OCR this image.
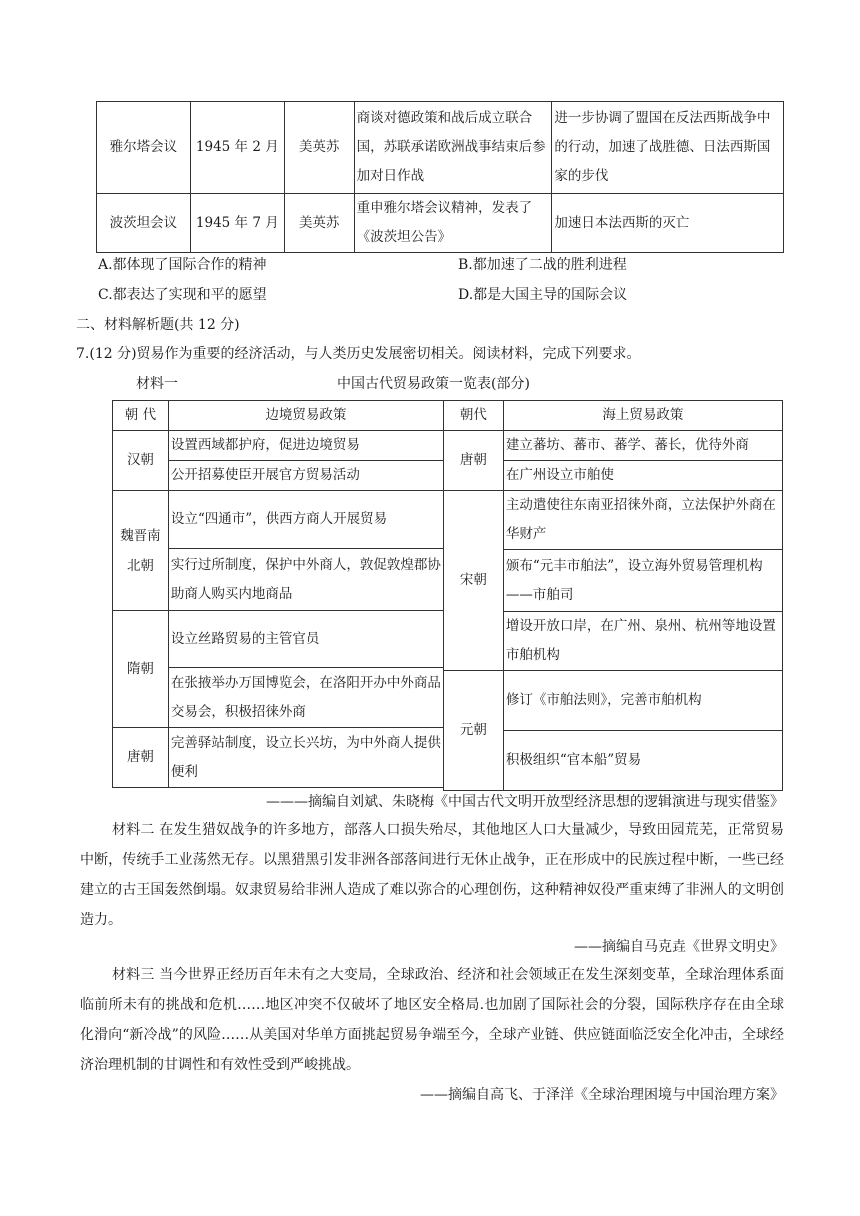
雅尔塔会议	1945 年 2 月	美英苏	商谈对德政策和战后成立联合国，苏联承诺欧洲战事结束后参加对日作战	进一步协调了盟国在反法西斯战争中的行动，加速了战胜德、日法西斯国家的步伐
波茨坦会议	1945 年 7 月	美英苏	重申雅尔塔会议精神，发表了《波茨坦公告》	加速日本法西斯的灭亡
A.都体现了国际合作的精神	B.都加速了二战的胜利进程
C.都表达了实现和平的愿望	D.都是大国主导的国际会议
二、材料解析题(共 12 分)
7.(12 分)贸易作为重要的经济活动，与人类历史发展密切相关。阅读材料，完成下列要求。
材料一	中国古代贸易政策一览表(部分)
朝 代	边境贸易政策
汉朝	设置西域都护府，促进边境贸易
	公开招募使臣开展官方贸易活动
魏晋南北朝	设立“四通市”，供西方商人开展贸易
	实行过所制度，保护中外商人，敦促敦煌郡协助商人购买内地商品
隋朝	设立丝路贸易的主管官员
	在张掖举办万国博览会，在洛阳开办中外商品交易会，积极招徕外商
唐朝	完善驿站制度，设立长兴坊，为中外商人提供便利
朝代	海上贸易政策
唐朝	建立蕃坊、蕃市、蕃学、蕃长，优待外商
	在广州设立市舶使
宋朝	主动遣使往东南亚招徕外商，立法保护外商在华财产
	颁布“元丰市舶法”，设立海外贸易管理机构——市舶司
	增设开放口岸，在广州、泉州、杭州等地设置市舶机构
元朝	修订《市舶法则》，完善市舶机构
	积极组织“官本船”贸易
———摘编自刘斌、朱晓梅《中国古代文明开放型经济思想的逻辑演进与现实借鉴》
材料二 在发生猎奴战争的许多地方，部落人口损失殆尽，其他地区人口大量减少，导致田园荒芜，正常贸易中断，传统手工业荡然无存。以黑猎黑引发非洲各部落间进行无休止战争，正在形成中的民族过程中断，一些已经建立的古王国轰然倒塌。奴隶贸易给非洲人造成了难以弥合的心理创伤，这种精神奴役严重束缚了非洲人的文明创造力。
——摘编自马克垚《世界文明史》
材料三 当今世界正经历百年未有之大变局，全球政治、经济和社会领域正在发生深刻变革，全球治理体系面临前所未有的挑战和危机……地区冲突不仅破坏了地区安全格局.也加剧了国际社会的分裂，国际秩序存在由全球化滑向“新冷战”的风险……从美国对华单方面挑起贸易争端至今，全球产业链、供应链面临泛安全化冲击，全球经济治理机制的甘调性和有效性受到严峻挑战。
——摘编自高飞、于泽洋《全球治理困境与中国治理方案》
